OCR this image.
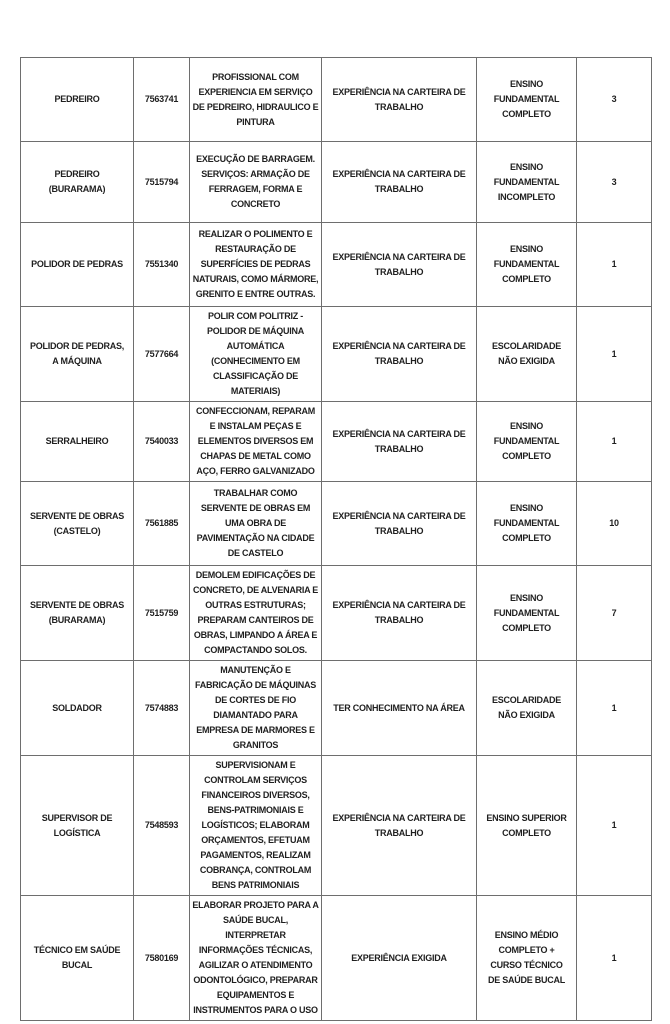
PEDREIRO	7563741	PROFISSIONAL COM EXPERIENCIA EM SERVIÇO DE PEDREIRO, HIDRAULICO E PINTURA	EXPERIÊNCIA NA CARTEIRA DE TRABALHO	ENSINO FUNDAMENTAL COMPLETO	3
PEDREIRO (BURARAMA)	7515794	EXECUÇÃO DE BARRAGEM. SERVIÇOS: ARMAÇÃO DE FERRAGEM, FORMA E CONCRETO	EXPERIÊNCIA NA CARTEIRA DE TRABALHO	ENSINO FUNDAMENTAL INCOMPLETO	3
POLIDOR DE PEDRAS	7551340	REALIZAR O POLIMENTO E RESTAURAÇÃO DE SUPERFÍCIES DE PEDRAS NATURAIS, COMO MÁRMORE, GRENITO E ENTRE OUTRAS.	EXPERIÊNCIA NA CARTEIRA DE TRABALHO	ENSINO FUNDAMENTAL COMPLETO	1
POLIDOR DE PEDRAS, A MÁQUINA	7577664	POLIR COM POLITRIZ - POLIDOR DE MÁQUINA AUTOMÁTICA (CONHECIMENTO EM CLASSIFICAÇÃO DE MATERIAIS)	EXPERIÊNCIA NA CARTEIRA DE TRABALHO	ESCOLARIDADE NÃO EXIGIDA	1
SERRALHEIRO	7540033	CONFECCIONAM, REPARAM E INSTALAM PEÇAS E ELEMENTOS DIVERSOS EM CHAPAS DE METAL COMO AÇO, FERRO GALVANIZADO	EXPERIÊNCIA NA CARTEIRA DE TRABALHO	ENSINO FUNDAMENTAL COMPLETO	1
SERVENTE DE OBRAS (CASTELO)	7561885	TRABALHAR COMO SERVENTE DE OBRAS EM UMA OBRA DE PAVIMENTAÇÃO NA CIDADE DE CASTELO	EXPERIÊNCIA NA CARTEIRA DE TRABALHO	ENSINO FUNDAMENTAL COMPLETO	10
SERVENTE DE OBRAS (BURARAMA)	7515759	DEMOLEM EDIFICAÇÕES DE CONCRETO, DE ALVENARIA E OUTRAS ESTRUTURAS; PREPARAM CANTEIROS DE OBRAS, LIMPANDO A ÁREA E COMPACTANDO SOLOS.	EXPERIÊNCIA NA CARTEIRA DE TRABALHO	ENSINO FUNDAMENTAL COMPLETO	7
SOLDADOR	7574883	MANUTENÇÃO E FABRICAÇÃO DE MÁQUINAS DE CORTES DE FIO DIAMANTADO PARA EMPRESA DE MARMORES E GRANITOS	TER CONHECIMENTO NA ÁREA	ESCOLARIDADE NÃO EXIGIDA	1
SUPERVISOR DE LOGÍSTICA	7548593	SUPERVISIONAM E CONTROLAM SERVIÇOS FINANCEIROS DIVERSOS, BENS-PATRIMONIAIS E LOGÍSTICOS; ELABORAM ORÇAMENTOS, EFETUAM PAGAMENTOS, REALIZAM COBRANÇA, CONTROLAM BENS PATRIMONIAIS	EXPERIÊNCIA NA CARTEIRA DE TRABALHO	ENSINO SUPERIOR COMPLETO	1
TÉCNICO EM SAÚDE BUCAL	7580169	ELABORAR PROJETO PARA A SAÚDE BUCAL, INTERPRETAR INFORMAÇÕES TÉCNICAS, AGILIZAR O ATENDIMENTO ODONTOLÓGICO, PREPARAR EQUIPAMENTOS E INSTRUMENTOS PARA O USO	EXPERIÊNCIA EXIGIDA	ENSINO MÉDIO COMPLETO + CURSO TÉCNICO DE SAÚDE BUCAL	1
